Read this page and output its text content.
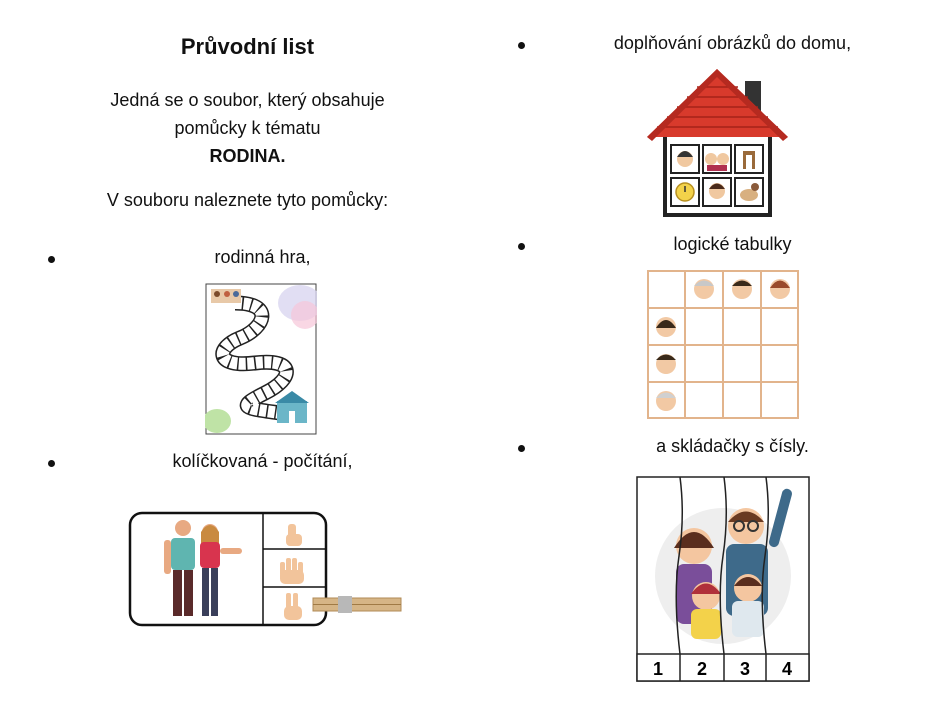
Průvodní list
Jedná se o soubor, který obsahuje
pomůcky k tématu
RODINA.
V souboru naleznete tyto pomůcky:
rodinná hra,
kolíčkovaná - počítání,
doplňování obrázků do domu,
logické tabulky
a skládačky s čísly.
1 2 3 4
